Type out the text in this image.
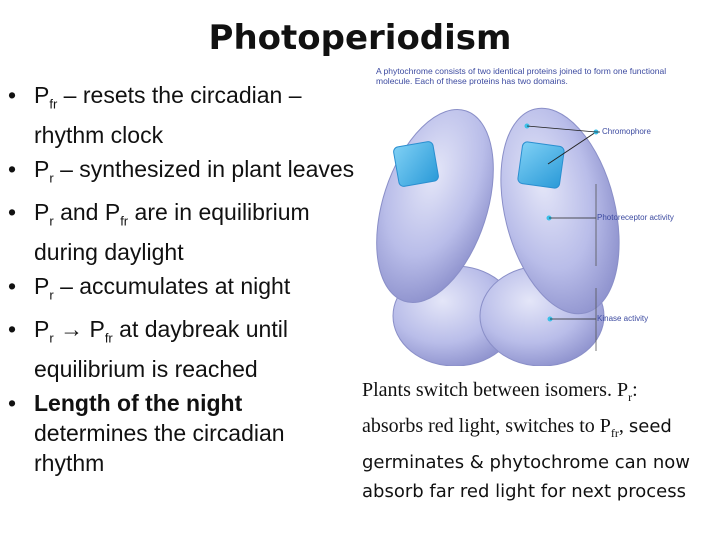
Photoperiodism
• $P_{fr}$ – resets the circadian – rhythm clock
• $P_r$ – synthesized in plant leaves
• $P_r$ and $P_{fr}$ are in equilibrium during daylight
• $P_r$ – accumulates at night
• $P_r \to P_{fr}$ at daybreak until equilibrium is reached
• Length of the night determines the circadian rhythm
A phytochrome consists of two identical proteins joined to form one functional molecule. Each of these proteins has two domains.
Chromophore
Photoreceptor activity
Kinase activity
Plants switch between isomers. $P_r$: absorbs red light, switches to $P_{fr}$, seed germinates & phytochrome can now absorb far red light for next process
